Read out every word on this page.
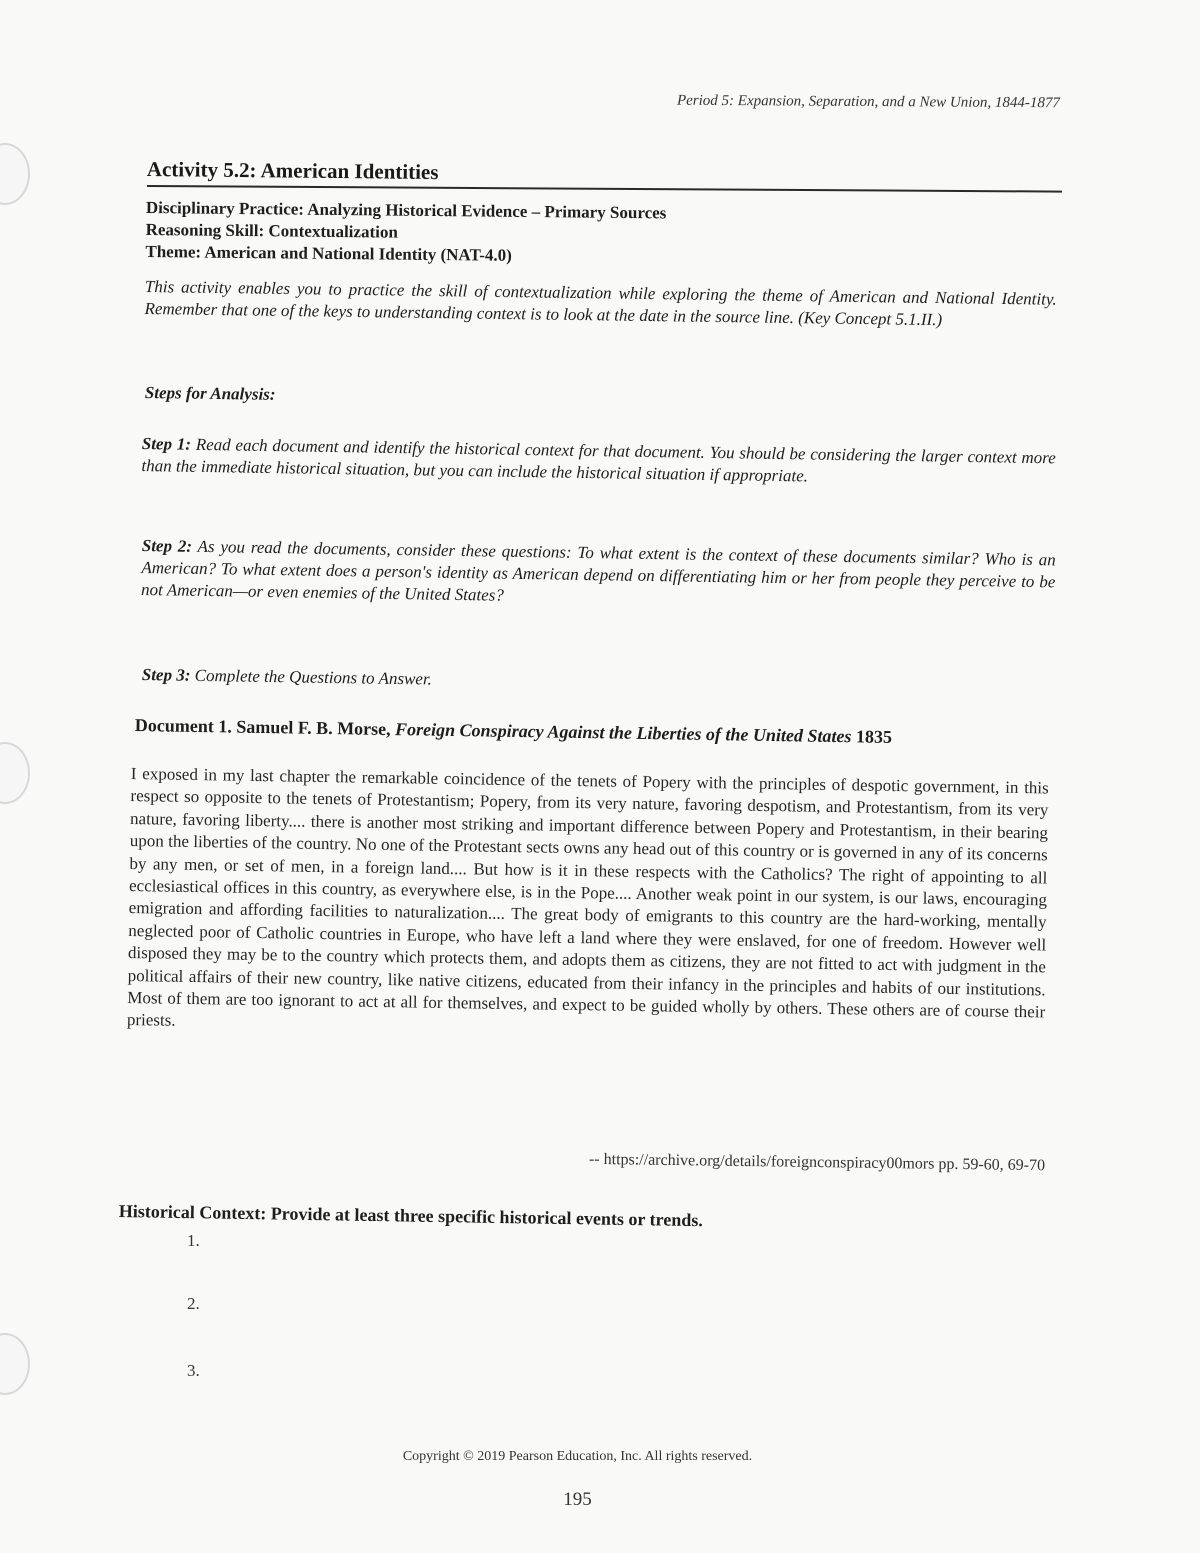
Period 5: Expansion, Separation, and a New Union, 1844-1877
Activity 5.2: American Identities
Disciplinary Practice: Analyzing Historical Evidence – Primary Sources
Reasoning Skill: Contextualization
Theme: American and National Identity (NAT-4.0)
This activity enables you to practice the skill of contextualization while exploring the theme of American and National Identity. Remember that one of the keys to understanding context is to look at the date in the source line. (Key Concept 5.1.II.)
Steps for Analysis:
Step 1: Read each document and identify the historical context for that document. You should be considering the larger context more than the immediate historical situation, but you can include the historical situation if appropriate.
Step 2: As you read the documents, consider these questions: To what extent is the context of these documents similar? Who is an American? To what extent does a person's identity as American depend on differentiating him or her from people they perceive to be not American—or even enemies of the United States?
Step 3: Complete the Questions to Answer.
Document 1. Samuel F. B. Morse, Foreign Conspiracy Against the Liberties of the United States 1835
I exposed in my last chapter the remarkable coincidence of the tenets of Popery with the principles of despotic government, in this respect so opposite to the tenets of Protestantism; Popery, from its very nature, favoring despotism, and Protestantism, from its very nature, favoring liberty.... there is another most striking and important difference between Popery and Protestantism, in their bearing upon the liberties of the country. No one of the Protestant sects owns any head out of this country or is governed in any of its concerns by any men, or set of men, in a foreign land.... But how is it in these respects with the Catholics? The right of appointing to all ecclesiastical offices in this country, as everywhere else, is in the Pope.... Another weak point in our system, is our laws, encouraging emigration and affording facilities to naturalization.... The great body of emigrants to this country are the hard-working, mentally neglected poor of Catholic countries in Europe, who have left a land where they were enslaved, for one of freedom. However well disposed they may be to the country which protects them, and adopts them as citizens, they are not fitted to act with judgment in the political affairs of their new country, like native citizens, educated from their infancy in the principles and habits of our institutions. Most of them are too ignorant to act at all for themselves, and expect to be guided wholly by others. These others are of course their priests.
-- https://archive.org/details/foreignconspiracy00mors pp. 59-60, 69-70
Historical Context: Provide at least three specific historical events or trends.
1.
2.
3.
Copyright © 2019 Pearson Education, Inc. All rights reserved.
195
